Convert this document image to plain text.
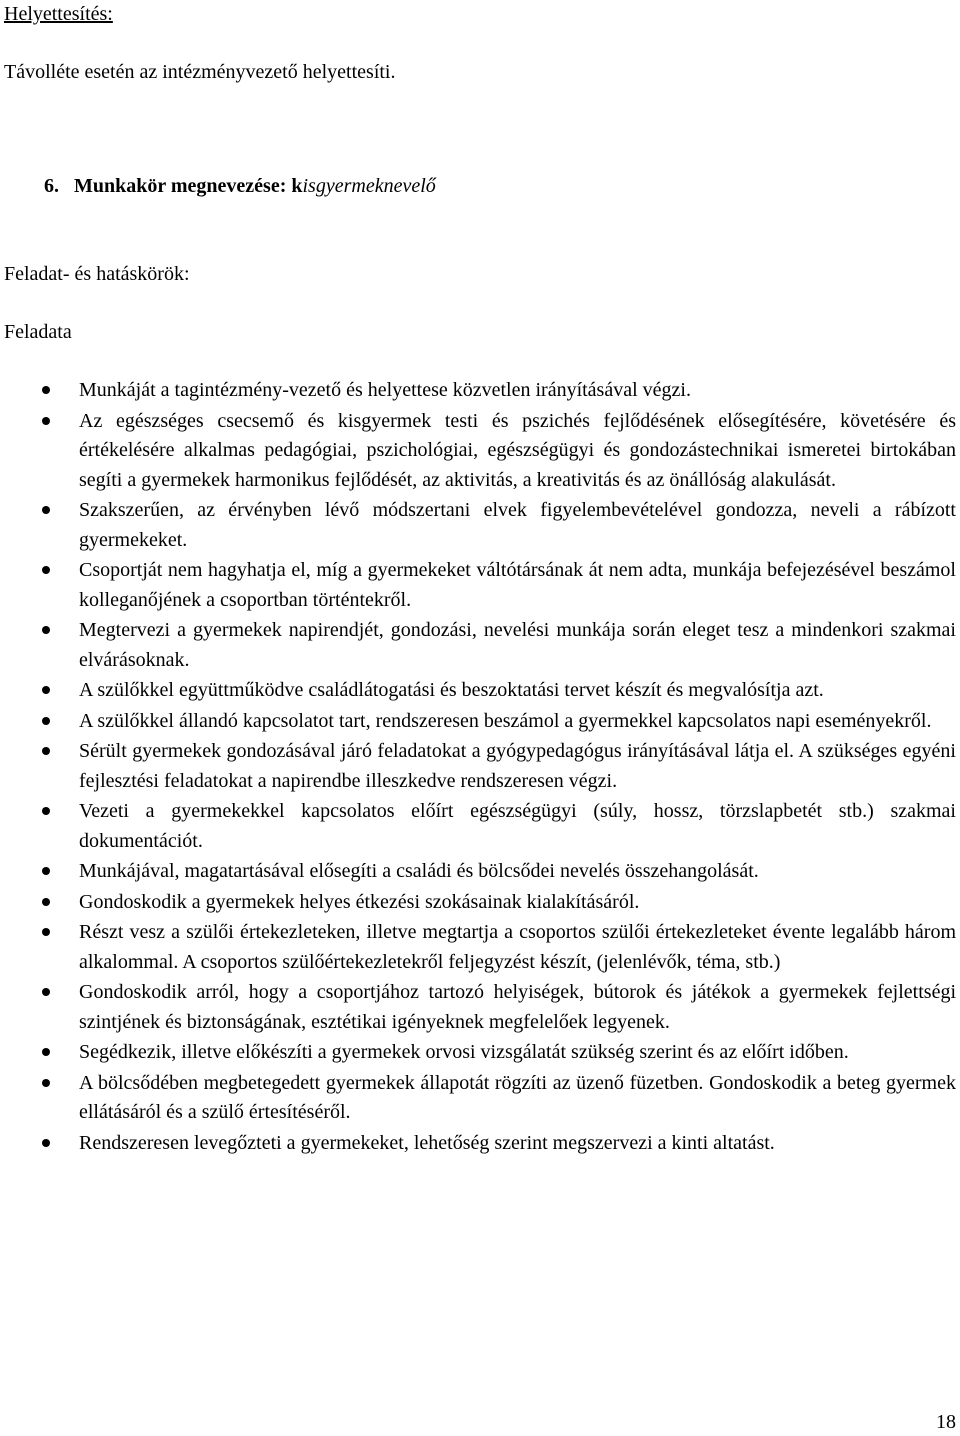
Helyettesítés:
Távolléte esetén az intézményvezető helyettesíti.
6. Munkakör megnevezése: kisgyermeknevelő
Feladat- és hatáskörök:
Feladata
Munkáját a tagintézmény-vezető és helyettese közvetlen irányításával végzi.
Az egészséges csecsemő és kisgyermek testi és pszichés fejlődésének elősegítésére, követésére és értékelésére alkalmas pedagógiai, pszichológiai, egészségügyi és gondozástechnikai ismeretei birtokában segíti a gyermekek harmonikus fejlődését, az aktivitás, a kreativitás és az önállóság alakulását.
Szakszerűen, az érvényben lévő módszertani elvek figyelembevételével gondozza, neveli a rábízott gyermekeket.
Csoportját nem hagyhatja el, míg a gyermekeket váltótársának át nem adta, munkája befejezésével beszámol kolleganőjének a csoportban történtekről.
Megtervezi a gyermekek napirendjét, gondozási, nevelési munkája során eleget tesz a mindenkori szakmai elvárásoknak.
A szülőkkel együttműködve családlátogatási és beszoktatási tervet készít és megvalósítja azt.
A szülőkkel állandó kapcsolatot tart, rendszeresen beszámol a gyermekkel kapcsolatos napi eseményekről.
Sérült gyermekek gondozásával járó feladatokat a gyógypedagógus irányításával látja el. A szükséges egyéni fejlesztési feladatokat a napirendbe illeszkedve rendszeresen végzi.
Vezeti a gyermekekkel kapcsolatos előírt egészségügyi (súly, hossz, törzslapbetét stb.) szakmai dokumentációt.
Munkájával, magatartásával elősegíti a családi és bölcsődei nevelés összehangolását.
Gondoskodik a gyermekek helyes étkezési szokásainak kialakításáról.
Részt vesz a szülői értekezleteken, illetve megtartja a csoportos szülői értekezleteket évente legalább három alkalommal. A csoportos szülőértekezletekről feljegyzést készít, (jelenlévők, téma, stb.)
Gondoskodik arról, hogy a csoportjához tartozó helyiségek, bútorok és játékok a gyermekek fejlettségi szintjének és biztonságának, esztétikai igényeknek megfelelőek legyenek.
Segédkezik, illetve előkészíti a gyermekek orvosi vizsgálatát szükség szerint és az előírt időben.
A bölcsődében megbetegedett gyermekek állapotát rögzíti az üzenő füzetben. Gondoskodik a beteg gyermek ellátásáról és a szülő értesítéséről.
Rendszeresen levegőzteti a gyermekeket, lehetőség szerint megszervezi a kinti altatást.
18
